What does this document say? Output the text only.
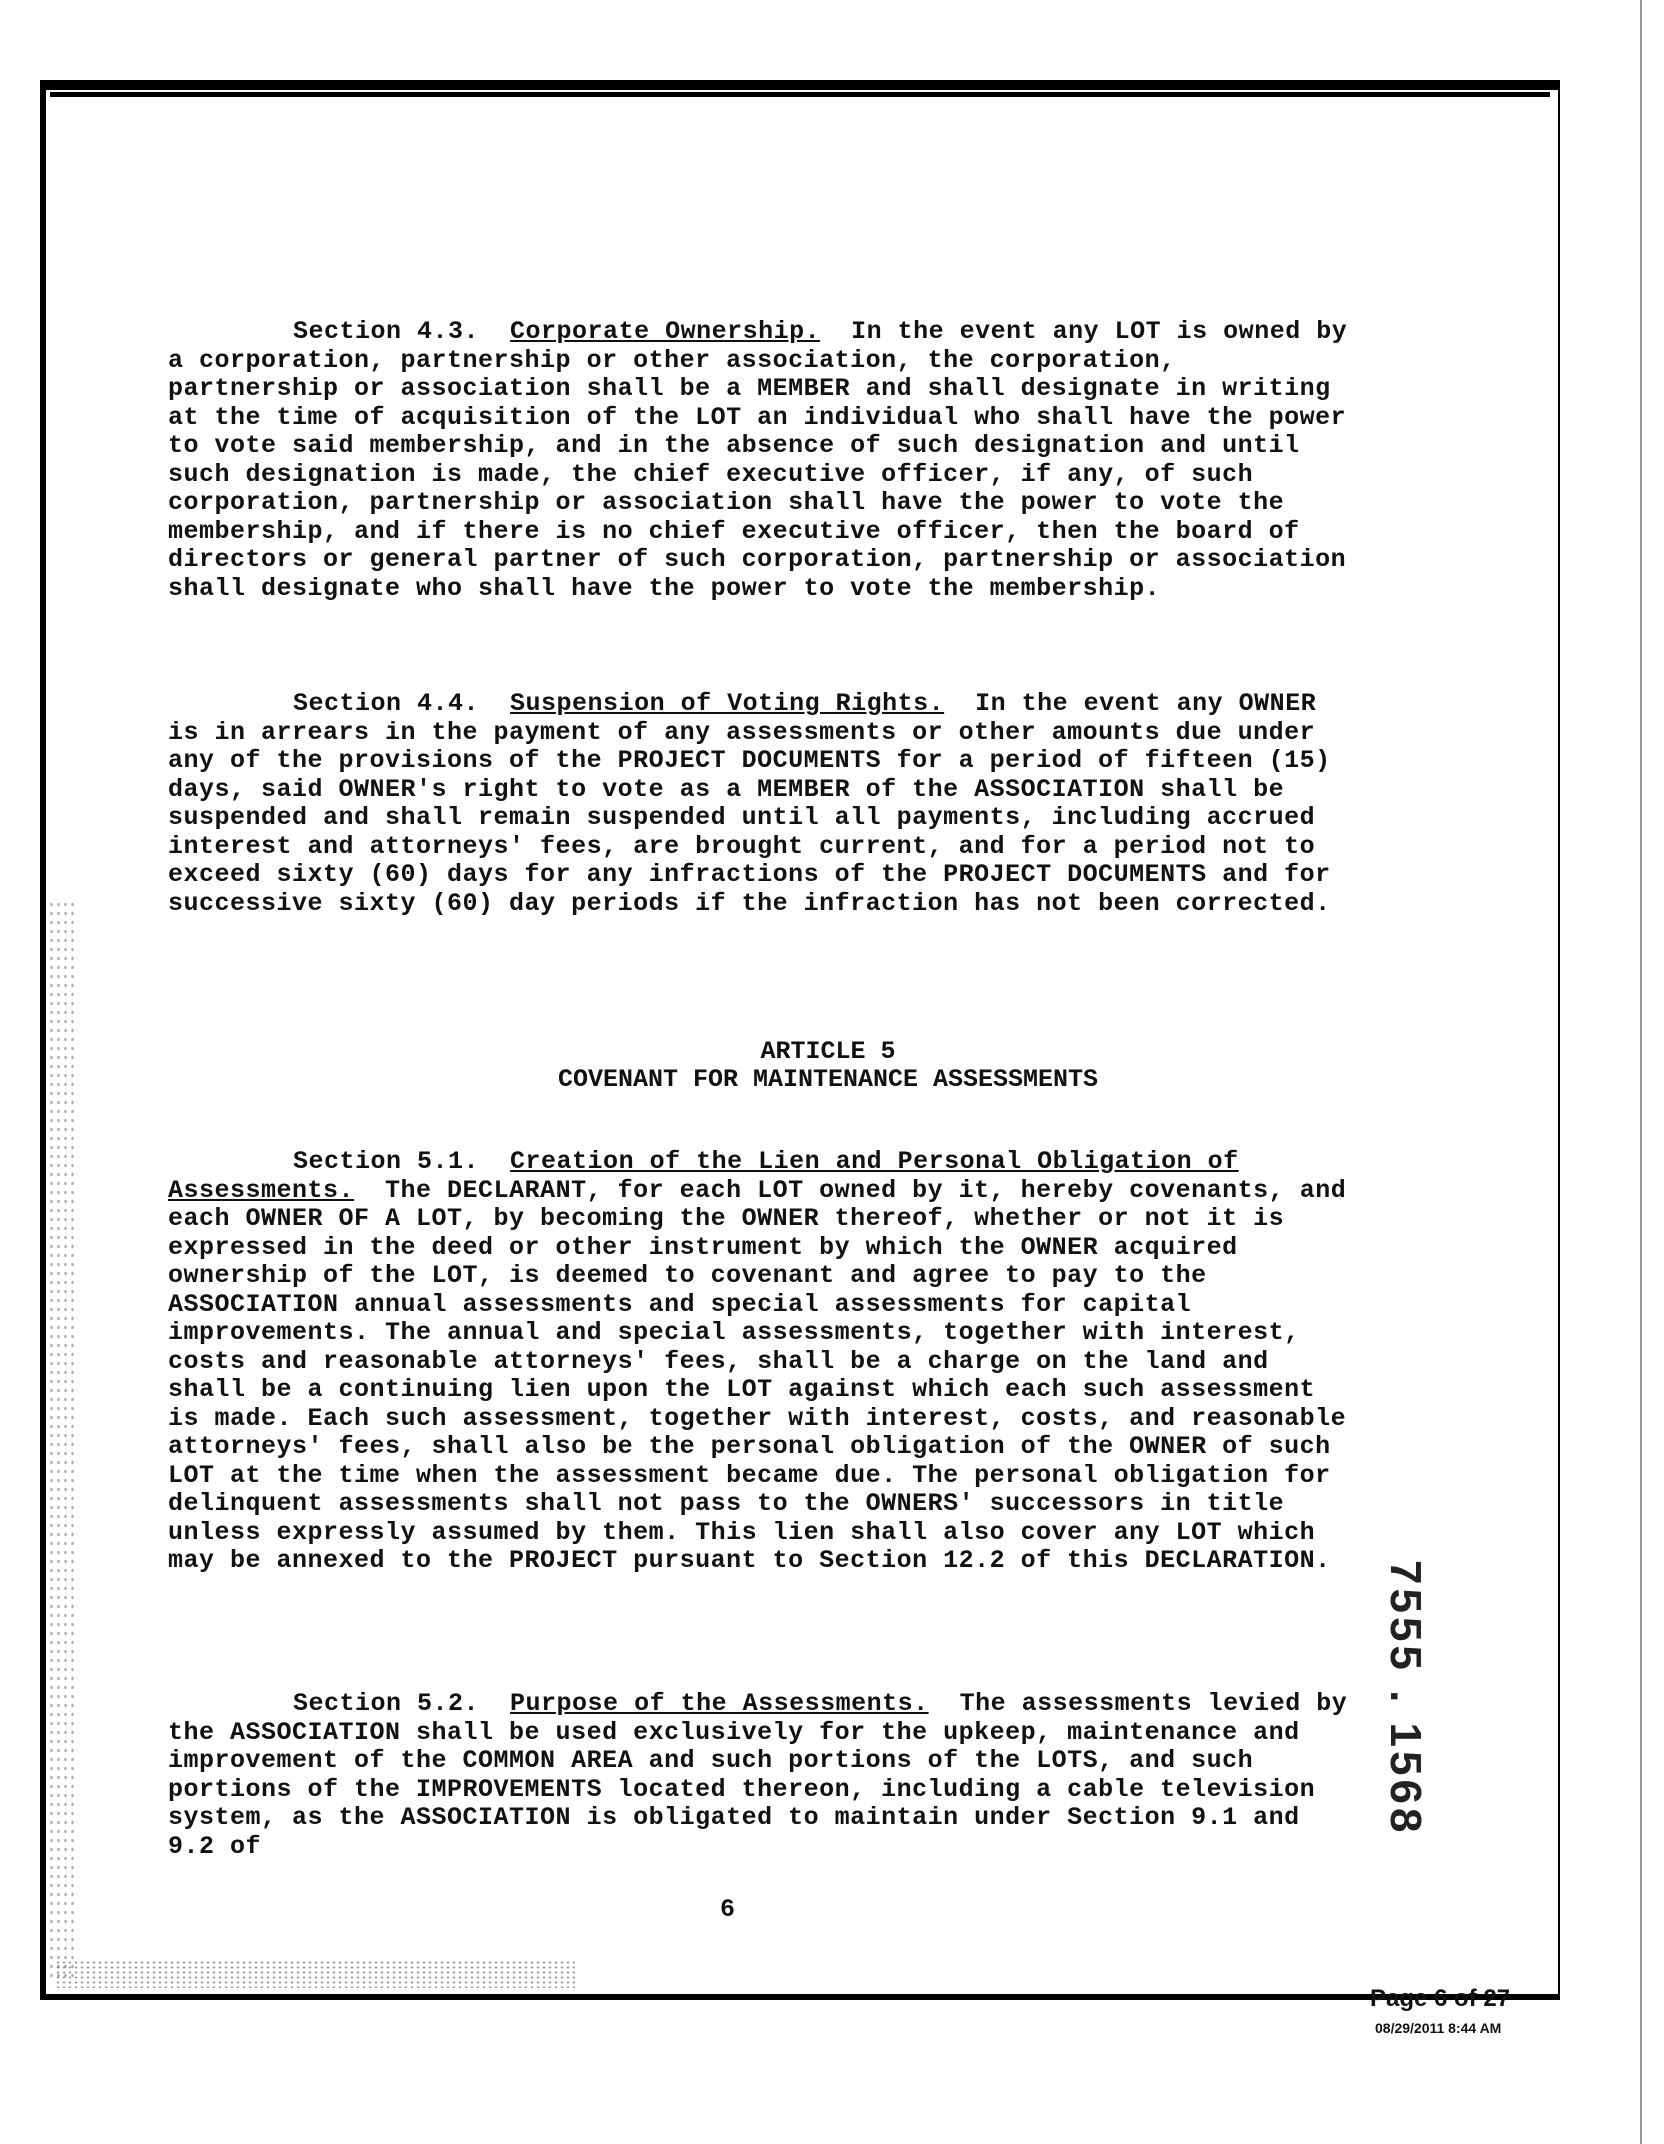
Section 4.3. Corporate Ownership. In the event any LOT is owned by a corporation, partnership or other association, the corporation, partnership or association shall be a MEMBER and shall designate in writing at the time of acquisition of the LOT an individual who shall have the power to vote said membership, and in the absence of such designation and until such designation is made, the chief executive officer, if any, of such corporation, partnership or association shall have the power to vote the membership, and if there is no chief executive officer, then the board of directors or general partner of such corporation, partnership or association shall designate who shall have the power to vote the membership.

Section 4.4. Suspension of Voting Rights. In the event any OWNER is in arrears in the payment of any assessments or other amounts due under any of the provisions of the PROJECT DOCUMENTS for a period of fifteen (15) days, said OWNER's right to vote as a MEMBER of the ASSOCIATION shall be suspended and shall remain suspended until all payments, including accrued interest and attorneys' fees, are brought current, and for a period not to exceed sixty (60) days for any infractions of the PROJECT DOCUMENTS and for successive sixty (60) day periods if the infraction has not been corrected.

ARTICLE 5
COVENANT FOR MAINTENANCE ASSESSMENTS

Section 5.1. Creation of the Lien and Personal Obligation of Assessments. The DECLARANT, for each LOT owned by it, hereby covenants, and each OWNER OF A LOT, by becoming the OWNER thereof, whether or not it is expressed in the deed or other instrument by which the OWNER acquired ownership of the LOT, is deemed to covenant and agree to pay to the ASSOCIATION annual assessments and special assessments for capital improvements. The annual and special assessments, together with interest, costs and reasonable attorneys' fees, shall be a charge on the land and shall be a continuing lien upon the LOT against which each such assessment is made. Each such assessment, together with interest, costs, and reasonable attorneys' fees, shall also be the personal obligation of the OWNER of such LOT at the time when the assessment became due. The personal obligation for delinquent assessments shall not pass to the OWNERS' successors in title unless expressly assumed by them. This lien shall also cover any LOT which may be annexed to the PROJECT pursuant to Section 12.2 of this DECLARATION.

Section 5.2. Purpose of the Assessments. The assessments levied by the ASSOCIATION shall be used exclusively for the upkeep, maintenance and improvement of the COMMON AREA and such portions of the LOTS, and such portions of the IMPROVEMENTS located thereon, including a cable television system, as the ASSOCIATION is obligated to maintain under Section 9.1 and 9.2 of

6
7555 . 1568
Page 6 of 27
08/29/2011 8:44 AM
